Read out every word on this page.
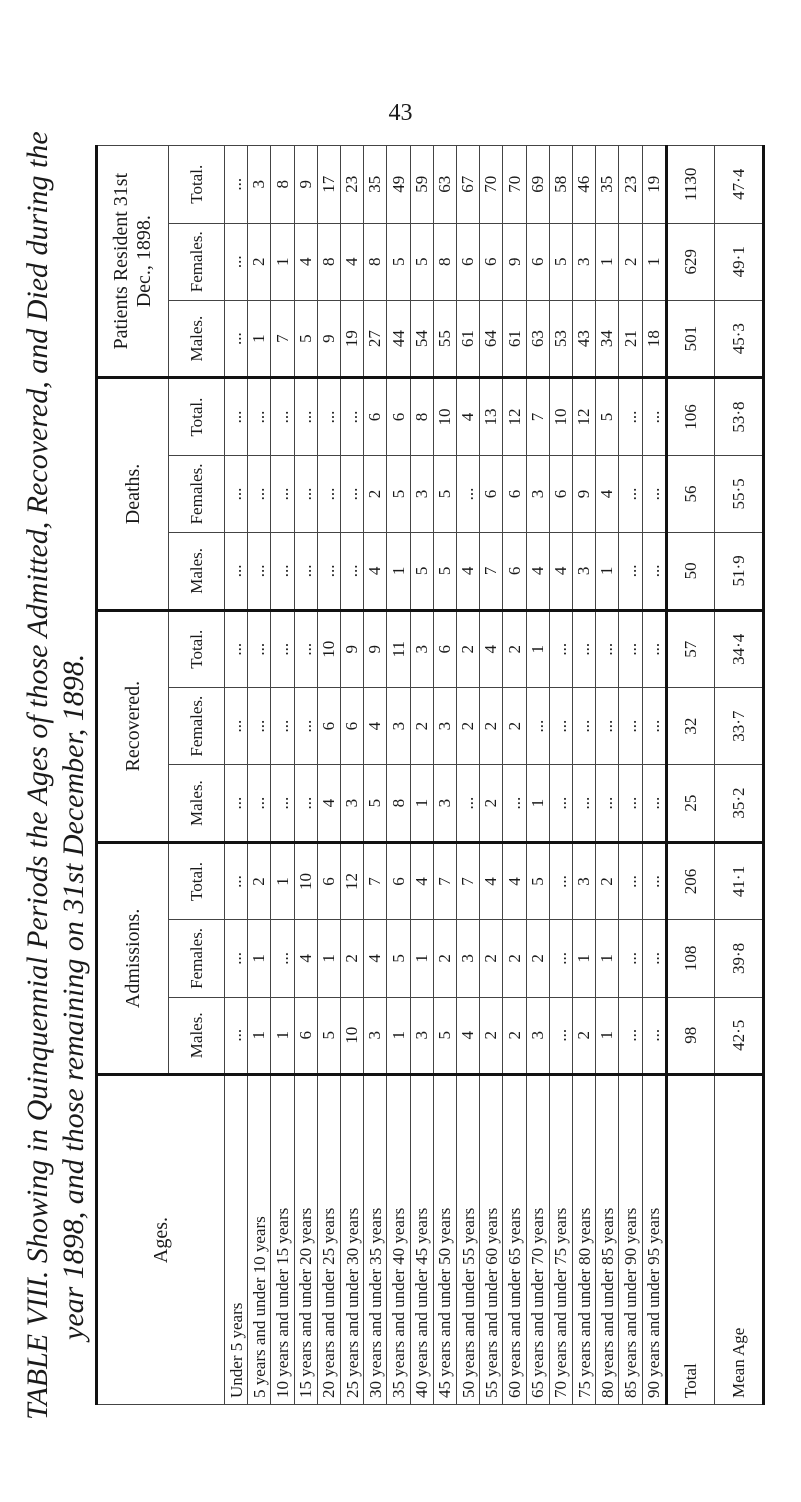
43
TABLE VIII. Showing in Quinquennial Periods the Ages of those Admitted, Recovered, and Died during the year 1898, and those remaining on 31st December, 1898.	Ages.	Admissions.			Recovered.			Deaths.			Patients Resident 31st Dec., 1898.		
	Males.	Females.	Total.	Males.	Females.	Total.	Males.	Females.	Total.	Males.	Females.	Total.
Under 5 years	...	...	...	...	...	...	...	...	...	...	...	...
5 years and under 10 years	1	1	2	...	...	...	...	...	...	1	2	3
10 years and under 15 years	1	...	1	...	...	...	...	...	...	7	1	8
15 years and under 20 years	6	4	10	...	...	...	...	...	...	5	4	9
20 years and under 25 years	5	1	6	4	6	10	...	...	...	9	8	17
25 years and under 30 years	10	2	12	3	6	9	...	...	...	19	4	23
30 years and under 35 years	3	4	7	5	4	9	4	2	6	27	8	35
35 years and under 40 years	1	5	6	8	3	11	1	5	6	44	5	49
40 years and under 45 years	3	1	4	1	2	3	5	3	8	54	5	59
45 years and under 50 years	5	2	7	3	3	6	5	5	10	55	8	63
50 years and under 55 years	4	3	7	...	2	2	4	...	4	61	6	67
55 years and under 60 years	2	2	4	2	2	4	7	6	13	64	6	70
60 years and under 65 years	2	2	4	...	2	2	6	6	12	61	9	70
65 years and under 70 years	3	2	5	1	...	1	4	3	7	63	6	69
70 years and under 75 years	...	...	...	...	...	...	4	6	10	53	5	58
75 years and under 80 years	2	1	3	...	...	...	3	9	12	43	3	46
80 years and under 85 years	1	1	2	...	...	...	1	4	5	34	1	35
85 years and under 90 years	...	...	...	...	...	...	...	...	...	21	2	23
90 years and under 95 years	...	...	...	...	...	...	...	...	...	18	1	19
Total	98	108	206	25	32	57	50	56	106	501	629	1130
Mean Age	42·5	39·8	41·1	35·2	33·7	34·4	51·9	55·5	53·8	45·3	49·1	47·4
